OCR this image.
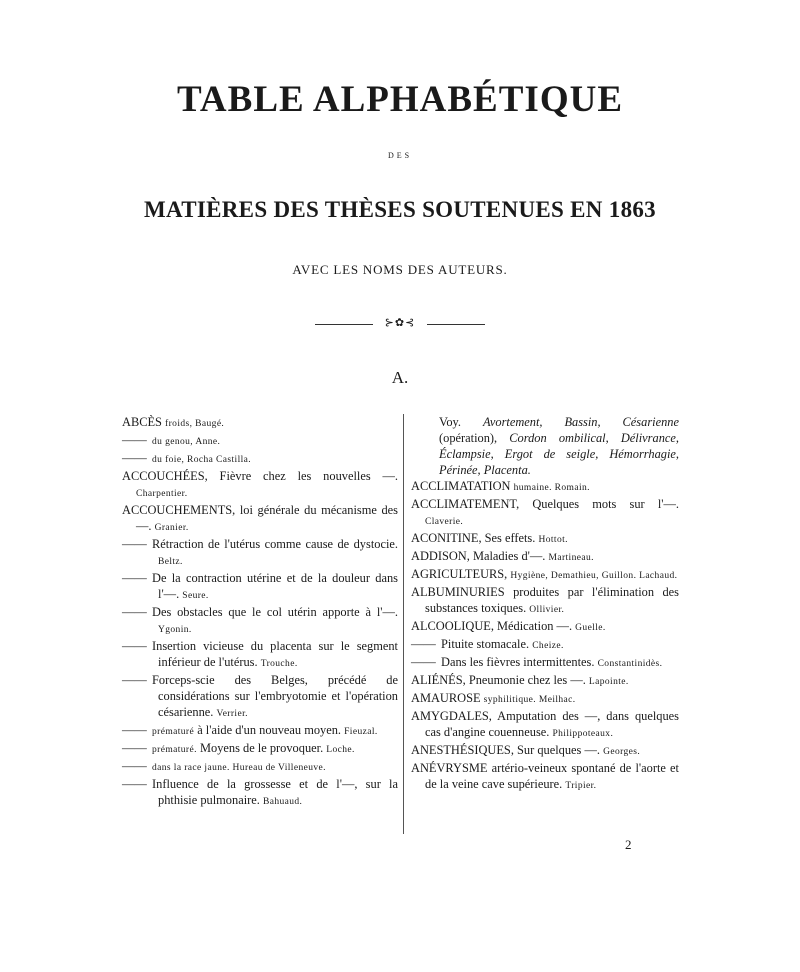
TABLE ALPHABÉTIQUE
DES
MATIÈRES DES THÈSES SOUTENUES EN 1863
AVEC LES NOMS DES AUTEURS.
⊱✿⊰
A.
ABCÈS froids, Baugé.
—— du genou, Anne.
—— du foie, Rocha Castilla.
ACCOUCHÉES, Fièvre chez les nouvelles —. Charpentier.
ACCOUCHEMENTS, loi générale du mécanisme des —. Granier.
—— Rétraction de l'utérus comme cause de dystocie. Beltz.
—— De la contraction utérine et de la douleur dans l'—. Seure.
—— Des obstacles que le col utérin apporte à l'—. Ygonin.
—— Insertion vicieuse du placenta sur le segment inférieur de l'utérus. Trouche.
—— Forceps-scie des Belges, précédé de considérations sur l'embryotomie et l'opération césarienne. Verrier.
—— prématuré à l'aide d'un nouveau moyen. Fieuzal.
—— prématuré. Moyens de le provoquer. Loche.
—— dans la race jaune. Hureau de Villeneuve.
—— Influence de la grossesse et de l'—, sur la phthisie pulmonaire. Bahuaud.
Voy. Avortement, Bassin, Césarienne (opération), Cordon ombilical, Délivrance, Éclampsie, Ergot de seigle, Hémorrhagie, Périnée, Placenta.
ACCLIMATATION humaine. Romain.
ACCLIMATEMENT, Quelques mots sur l'—. Claverie.
ACONITINE, Ses effets. Hottot.
ADDISON, Maladies d'—. Martineau.
AGRICULTEURS, Hygiène, Demathieu, Guillon. Lachaud.
ALBUMINURIES produites par l'élimination des substances toxiques. Ollivier.
ALCOOLIQUE, Médication —. Guelle.
—— Pituite stomacale. Cheize.
—— Dans les fièvres intermittentes. Constantinidès.
ALIÉNÉS, Pneumonie chez les —. Lapointe.
AMAUROSE syphilitique. Meilhac.
AMYGDALES, Amputation des —, dans quelques cas d'angine couenneuse. Philippoteaux.
ANESTHÉSIQUES, Sur quelques —. Georges.
ANÉVRYSME artério-veineux spontané de l'aorte et de la veine cave supérieure. Tripier.
2
